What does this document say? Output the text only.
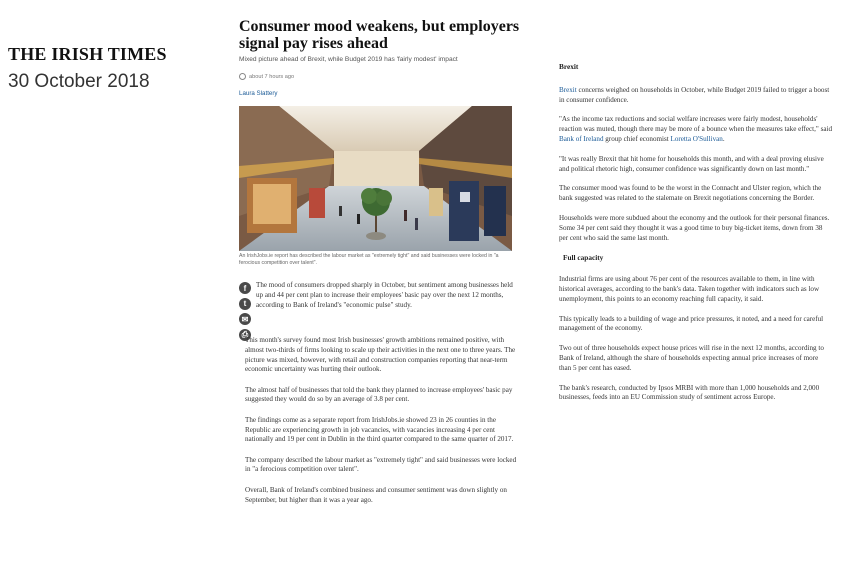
THE IRISH TIMES
30 October 2018
Consumer mood weakens, but employers signal pay rises ahead
Mixed picture ahead of Brexit, while Budget 2019 has 'fairly modest' impact
about 7 hours ago
Laura Slattery
An IrishJobs.ie report has described the labour market as "extremely tight" and said businesses were locked in "a ferocious competition over talent".
f
t
✉
⎙

The mood of consumers dropped sharply in October, but sentiment among businesses held up and 44 per cent plan to increase their employees' basic pay over the next 12 months, according to Bank of Ireland's "economic pulse" study.

This month's survey found most Irish businesses' growth ambitions remained positive, with almost two-thirds of firms looking to scale up their activities in the next one to three years. The picture was mixed, however, with retail and construction companies reporting that near-term economic uncertainty was hurting their outlook.

The almost half of businesses that told the bank they planned to increase employees' basic pay suggested they would do so by an average of 3.8 per cent.

The findings come as a separate report from IrishJobs.ie showed 23 in 26 counties in the Republic are experiencing growth in job vacancies, with vacancies increasing 4 per cent nationally and 19 per cent in Dublin in the third quarter compared to the same quarter of 2017.

The company described the labour market as "extremely tight" and said businesses were locked in "a ferocious competition over talent".

Overall, Bank of Ireland's combined business and consumer sentiment was down slightly on September, but higher than it was a year ago.

Brexit

Brexit concerns weighed on households in October, while Budget 2019 failed to trigger a boost in consumer confidence.

"As the income tax reductions and social welfare increases were fairly modest, households' reaction was muted, though there may be more of a bounce when the measures take effect," said Bank of Ireland group chief economist Loretta O'Sullivan.

"It was really Brexit that hit home for households this month, and with a deal proving elusive and political rhetoric high, consumer confidence was significantly down on last month."

The consumer mood was found to be the worst in the Connacht and Ulster region, which the bank suggested was related to the stalemate on Brexit negotiations concerning the Border.

Households were more subdued about the economy and the outlook for their personal finances. Some 34 per cent said they thought it was a good time to buy big-ticket items, down from 38 per cent who said the same last month.

Full capacity

Industrial firms are using about 76 per cent of the resources available to them, in line with historical averages, according to the bank's data. Taken together with indicators such as low unemployment, this points to an economy reaching full capacity, it said.

This typically leads to a building of wage and price pressures, it noted, and a need for careful management of the economy.

Two out of three households expect house prices will rise in the next 12 months, according to Bank of Ireland, although the share of households expecting annual price increases of more than 5 per cent has eased.

The bank's research, conducted by Ipsos MRBI with more than 1,000 households and 2,000 businesses, feeds into an EU Commission study of sentiment across Europe.
